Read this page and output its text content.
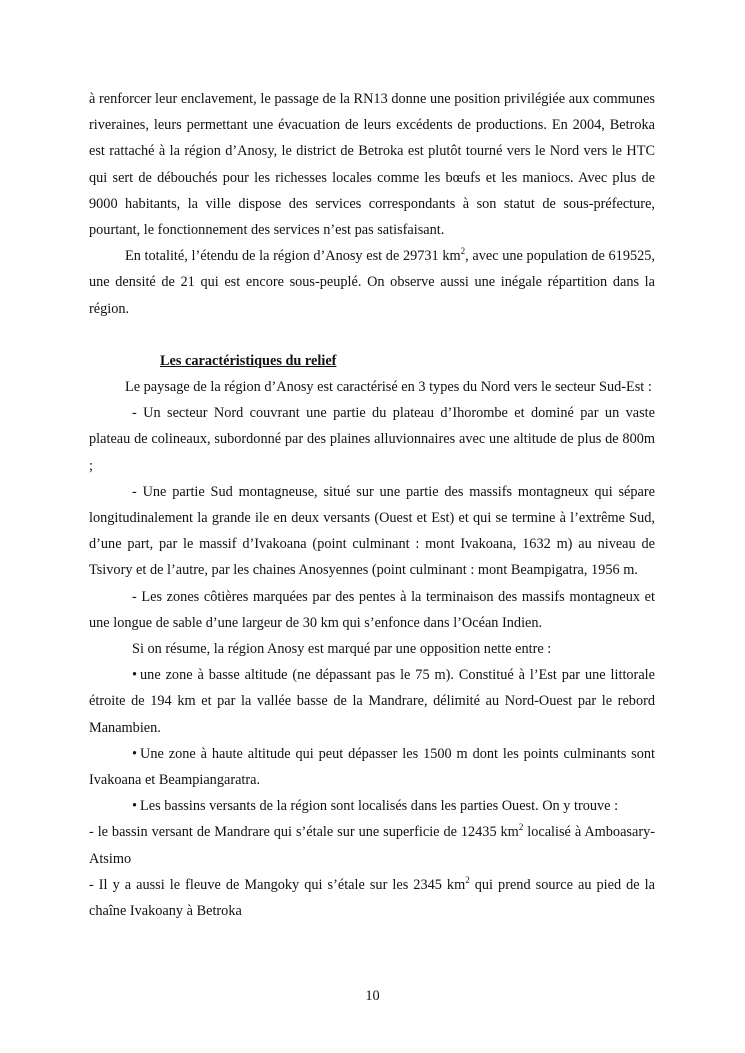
à renforcer leur enclavement, le passage de la RN13 donne une position privilégiée aux communes riveraines, leurs permettant une évacuation de leurs excédents de productions. En 2004, Betroka est rattaché à la région d’Anosy, le district de Betroka est plutôt tourné vers le Nord vers le HTC qui sert de débouchés pour les richesses locales comme les bœufs et les maniocs. Avec plus de 9000 habitants, la ville dispose des services correspondants à son statut de sous-préfecture, pourtant, le fonctionnement des services n’est pas satisfaisant.

En totalité, l’étendu de la région d’Anosy est de 29731 $km^2$, avec une population de 619525, une densité de 21 qui est encore sous-peuplé. On observe aussi une inégale répartition dans la région.

Les caractéristiques du relief

Le paysage de la région d’Anosy est caractérisé en 3 types du Nord vers le secteur Sud-Est :

- Un secteur Nord couvrant une partie du plateau d’Ihorombe et dominé par un vaste plateau de colineaux, subordonné par des plaines alluvionnaires avec une altitude de plus de 800m ;

- Une partie Sud montagneuse, situé sur une partie des massifs montagneux qui sépare longitudinalement la grande ile en deux versants (Ouest et Est) et qui se termine à l’extrême Sud, d’une part, par le massif d’Ivakoana (point culminant : mont Ivakoana, 1632 m) au niveau de Tsivory et de l’autre, par les chaines Anosyennes (point culminant : mont Beampigatra, 1956 m.

- Les zones côtières marquées par des pentes à la terminaison des massifs montagneux et une longue de sable d’une largeur de 30 km qui s’enfonce dans l’Océan Indien.

Si on résume, la région Anosy est marqué par une opposition nette entre :

• une zone à basse altitude (ne dépassant pas le 75 m). Constitué à l’Est par une littorale étroite de 194 km et par la vallée basse de la Mandrare, délimité au Nord-Ouest par le rebord Manambien.

• Une zone à haute altitude qui peut dépasser les 1500 m dont les points culminants sont Ivakoana et Beampiangaratra.

• Les bassins versants de la région sont localisés dans les parties Ouest. On y trouve :

- le bassin versant de Mandrare qui s’étale sur une superficie de 12435 $km^2$ localisé à Amboasary-Atsimo

- Il y a aussi le fleuve de Mangoky qui s’étale sur les 2345 $km^2$ qui prend source au pied de la chaîne Ivakoany à Betroka

10
